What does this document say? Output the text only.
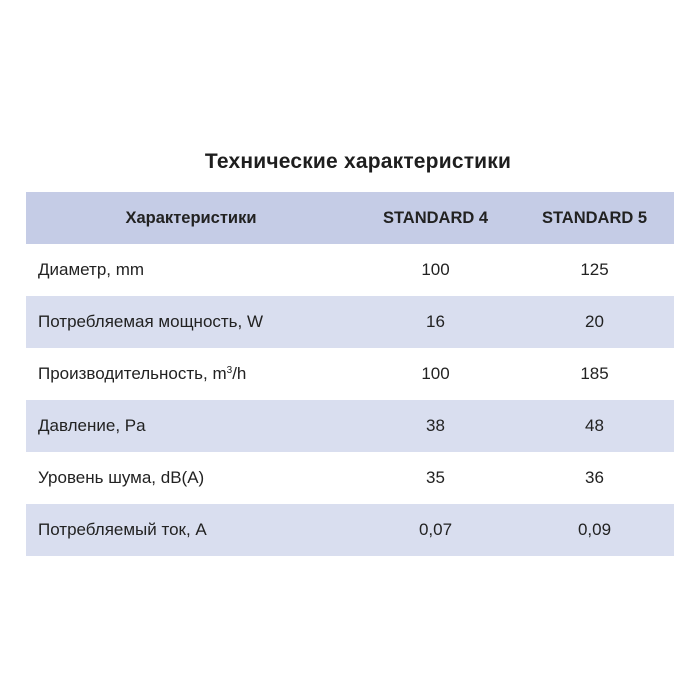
Технические характеристики
Характеристики	STANDARD 4	STANDARD 5
Диаметр, mm	100	125
Потребляемая мощность, W	16	20
Производительность, $m^3/h$	100	185
Давление, Pa	38	48
Уровень шума, dB(A)	35	36
Потребляемый ток, A	0,07	0,09
